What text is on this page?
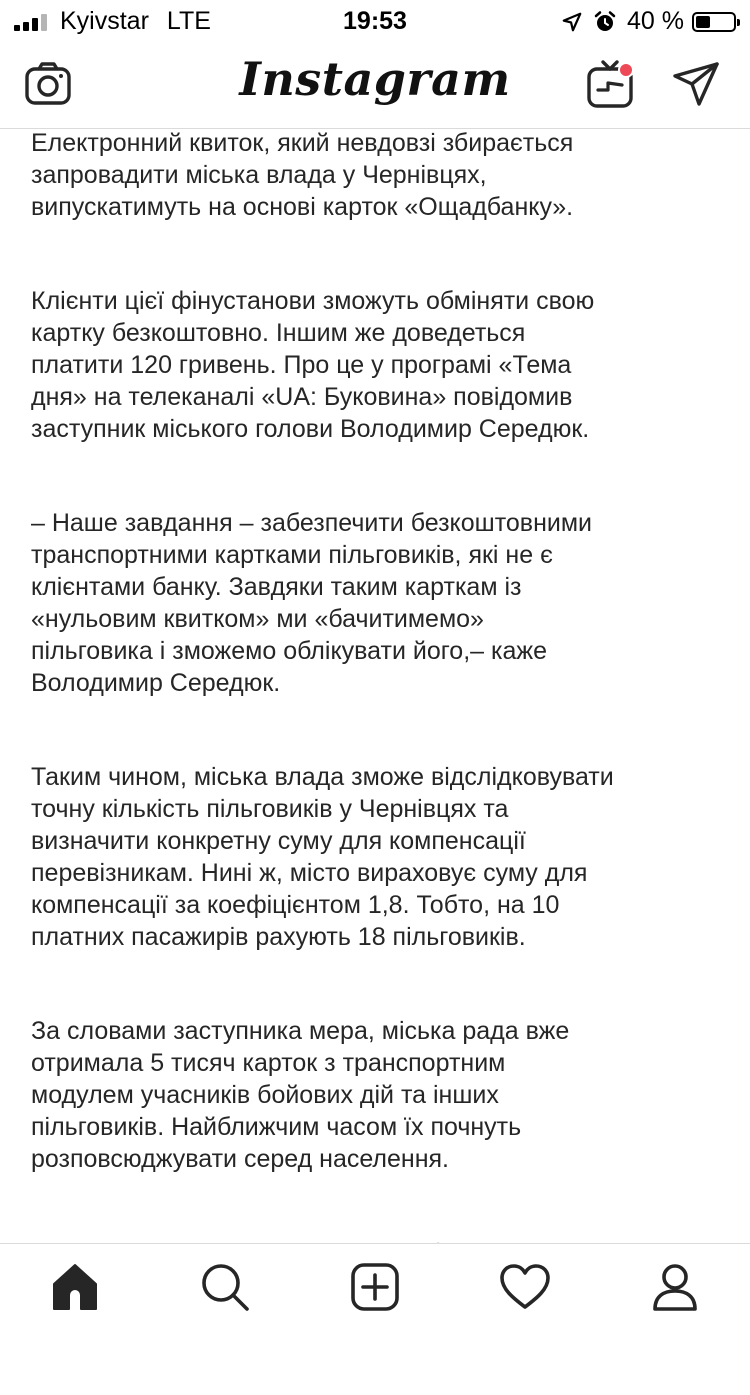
Kyivstar LTE	19:53	40 %
Instagram

Електронний квиток, який невдовзі збирається
запровадити міська влада у Чернівцях,
випускатимуть на основі карток «Ощадбанку».

Клієнти цієї фінустанови зможуть обміняти свою
картку безкоштовно. Іншим же доведеться
платити 120 гривень. Про це у програмі «Тема
дня» на телеканалі «UA: Буковина» повідомив
заступник міського голови Володимир Середюк.

– Наше завдання – забезпечити безкоштовними
транспортними картками пільговиків, які не є
клієнтами банку. Завдяки таким карткам із
«нульовим квитком» ми «бачитимемо»
пільговика і зможемо облікувати його,– каже
Володимир Середюк.

Таким чином, міська влада зможе відслідковувати
точну кількість пільговиків у Чернівцях та
визначити конкретну суму для компенсації
перевізникам. Нині ж, місто вираховує суму для
компенсації за коефіцієнтом 1,8. Тобто, на 10
платних пасажирів рахують 18 пільговиків.

За словами заступника мера, міська рада вже
отримала 5 тисяч карток з транспортним
модулем учасників бойових дій та інших
пільговиків. Найближчим часом їх почнуть
розповсюджувати серед населення.
